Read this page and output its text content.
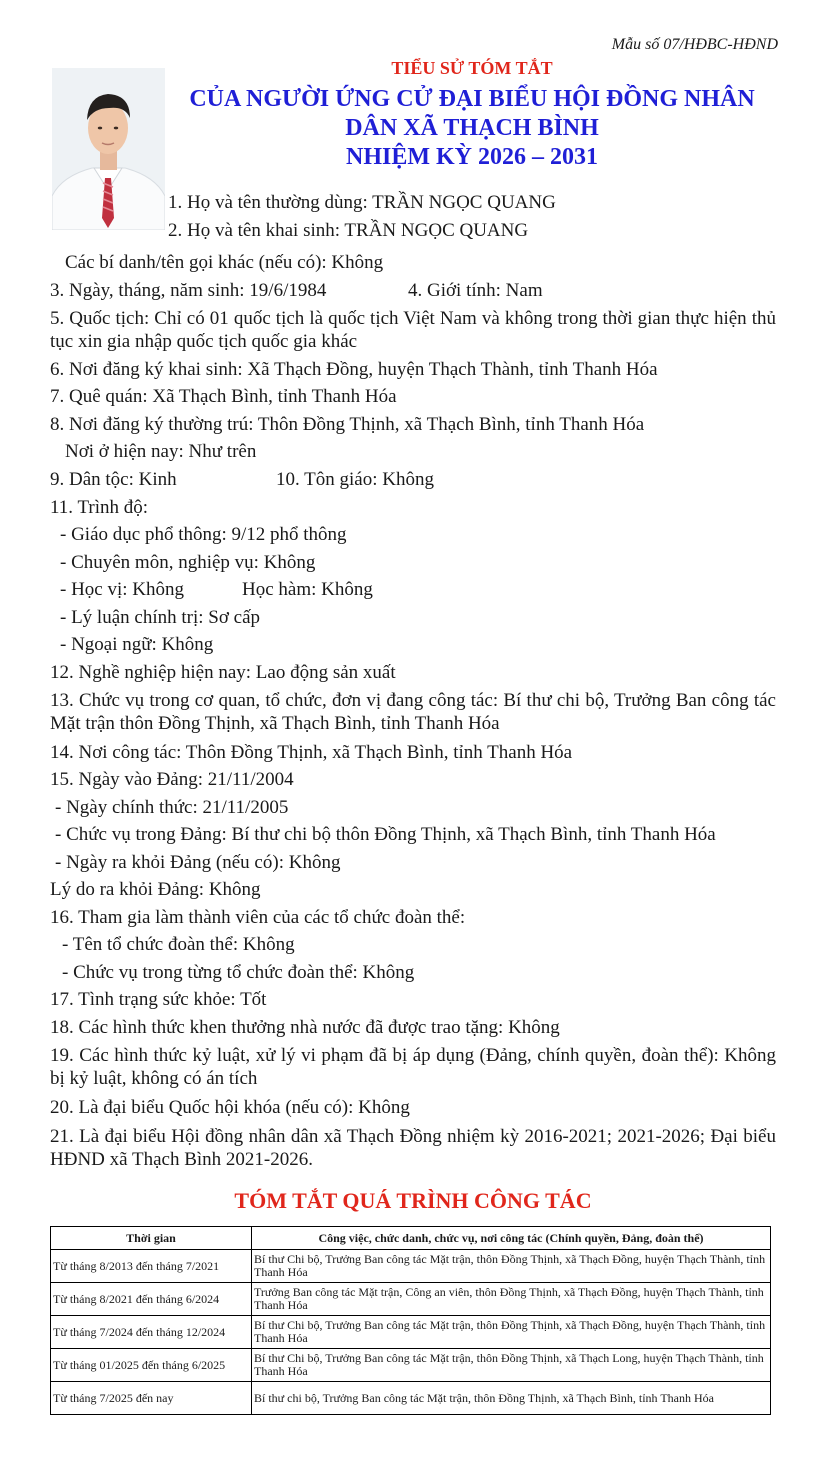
Mẫu số 07/HĐBC-HĐND
TIỂU SỬ TÓM TẮT
CỦA NGƯỜI ỨNG CỬ ĐẠI BIỂU HỘI ĐỒNG NHÂN
DÂN XÃ THẠCH BÌNH
NHIỆM KỲ 2026 – 2031
1. Họ và tên thường dùng: TRẦN NGỌC QUANG
2. Họ và tên khai sinh: TRẦN NGỌC QUANG
Các bí danh/tên gọi khác (nếu có): Không
3. Ngày, tháng, năm sinh: 19/6/1984	4. Giới tính: Nam
5. Quốc tịch: Chỉ có 01 quốc tịch là quốc tịch Việt Nam và không trong thời gian thực hiện thủ tục xin gia nhập quốc tịch quốc gia khác
6. Nơi đăng ký khai sinh: Xã Thạch Đồng, huyện Thạch Thành, tỉnh Thanh Hóa
7. Quê quán: Xã Thạch Bình, tỉnh Thanh Hóa
8. Nơi đăng ký thường trú: Thôn Đồng Thịnh, xã Thạch Bình, tỉnh Thanh Hóa
Nơi ở hiện nay: Như trên
9. Dân tộc: Kinh	10. Tôn giáo: Không
11. Trình độ:
- Giáo dục phổ thông: 9/12 phổ thông
- Chuyên môn, nghiệp vụ: Không
- Học vị: Không	Học hàm: Không
- Lý luận chính trị: Sơ cấp
- Ngoại ngữ: Không
12. Nghề nghiệp hiện nay: Lao động sản xuất
13. Chức vụ trong cơ quan, tổ chức, đơn vị đang công tác: Bí thư chi bộ, Trưởng Ban công tác Mặt trận thôn Đồng Thịnh, xã Thạch Bình, tỉnh Thanh Hóa
14. Nơi công tác: Thôn Đồng Thịnh, xã Thạch Bình, tỉnh Thanh Hóa
15. Ngày vào Đảng: 21/11/2004
- Ngày chính thức: 21/11/2005
- Chức vụ trong Đảng: Bí thư chi bộ thôn Đồng Thịnh, xã Thạch Bình, tỉnh Thanh Hóa
- Ngày ra khỏi Đảng (nếu có): Không
Lý do ra khỏi Đảng: Không
16. Tham gia làm thành viên của các tổ chức đoàn thể:
- Tên tổ chức đoàn thể: Không
- Chức vụ trong từng tổ chức đoàn thể: Không
17. Tình trạng sức khỏe: Tốt
18. Các hình thức khen thưởng nhà nước đã được trao tặng: Không
19. Các hình thức kỷ luật, xử lý vi phạm đã bị áp dụng (Đảng, chính quyền, đoàn thể): Không bị kỷ luật, không có án tích
20. Là đại biểu Quốc hội khóa (nếu có): Không
21. Là đại biểu Hội đồng nhân dân xã Thạch Đồng nhiệm kỳ 2016-2021; 2021-2026; Đại biểu HĐND xã Thạch Bình 2021-2026.
TÓM TẮT QUÁ TRÌNH CÔNG TÁC
Thời gian	Công việc, chức danh, chức vụ, nơi công tác (Chính quyền, Đảng, đoàn thể)
Từ tháng 8/2013 đến tháng 7/2021	Bí thư Chi bộ, Trưởng Ban công tác Mặt trận, thôn Đồng Thịnh, xã Thạch Đồng, huyện Thạch Thành, tỉnh Thanh Hóa
Từ tháng 8/2021 đến tháng 6/2024	Trưởng Ban công tác Mặt trận, Công an viên, thôn Đồng Thịnh, xã Thạch Đồng, huyện Thạch Thành, tỉnh Thanh Hóa
Từ tháng 7/2024 đến tháng 12/2024	Bí thư Chi bộ, Trưởng Ban công tác Mặt trận, thôn Đồng Thịnh, xã Thạch Đồng, huyện Thạch Thành, tỉnh Thanh Hóa
Từ tháng 01/2025 đến tháng 6/2025	Bí thư Chi bộ, Trưởng Ban công tác Mặt trận, thôn Đồng Thịnh, xã Thạch Long, huyện Thạch Thành, tỉnh Thanh Hóa
Từ tháng 7/2025 đến nay	Bí thư chi bộ, Trưởng Ban công tác Mặt trận, thôn Đồng Thịnh, xã Thạch Bình, tỉnh Thanh Hóa
